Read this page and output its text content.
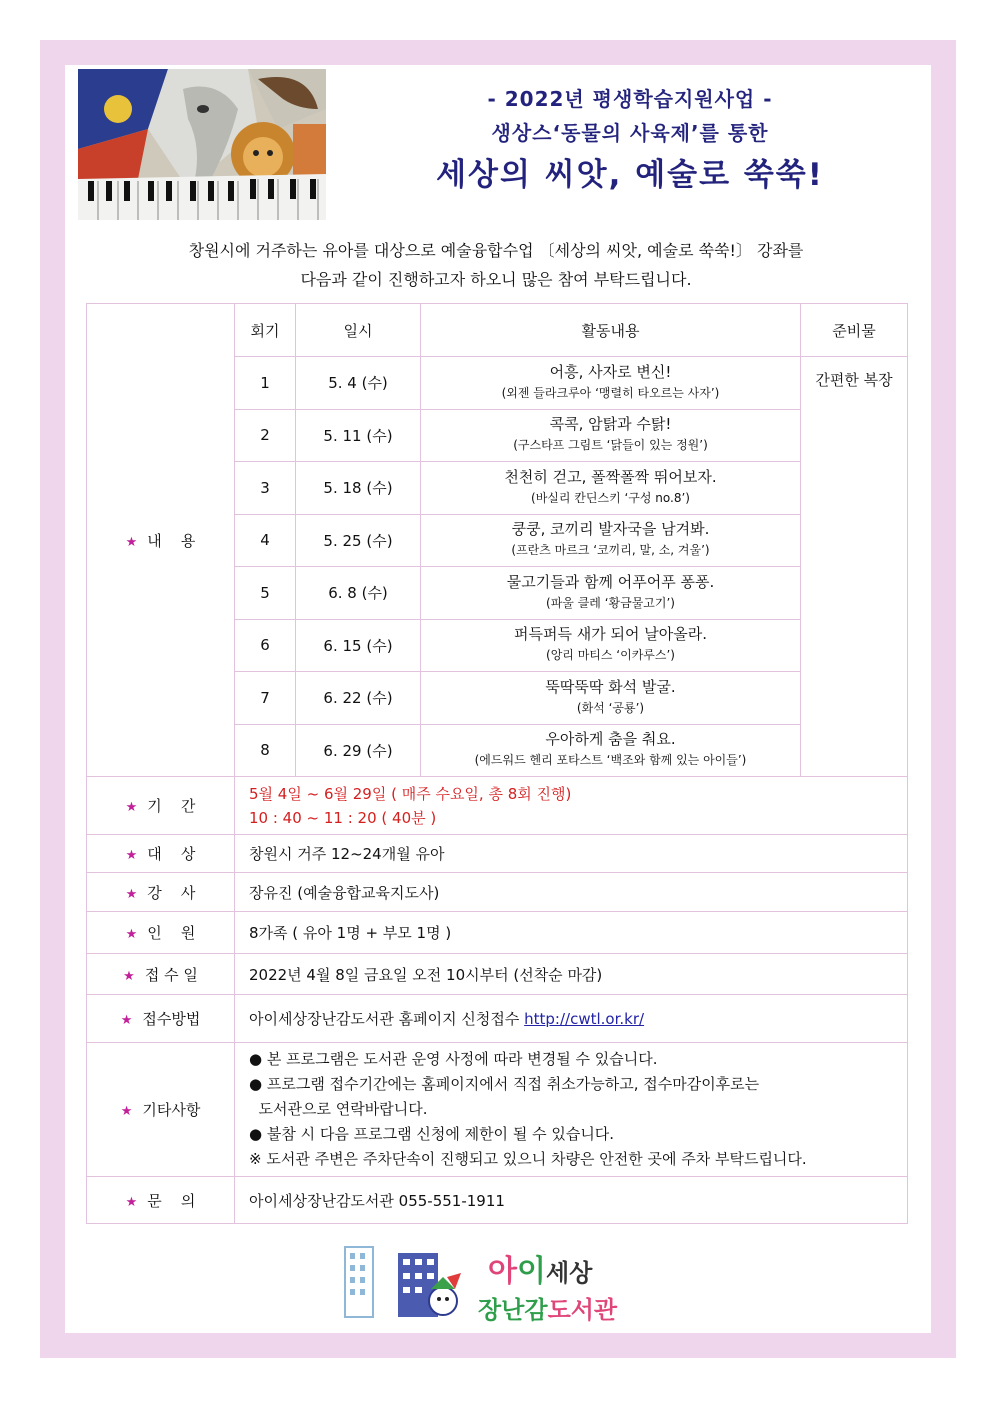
- 2022년 평생학습지원사업 -
생상스‘동물의 사육제’를 통한
세상의 씨앗, 예술로 쑥쑥!
창원시에 거주하는 유아를 대상으로 예술융합수업 〔세상의 씨앗, 예술로 쑥쑥!〕 강좌를
다음과 같이 진행하고자 하오니 많은 참여 부탁드립니다.
★ 내    용	회기	일시	활동내용	준비물
	1	5. 4 (수)	어흥, 사자로 변신!
(외젠 들라크루아 ‘맹렬히 타오르는 사자’)	간편한 복장
	2	5. 11 (수)	콕콕, 암탉과 수탉!
(구스타프 그림트 ‘닭들이 있는 정원’)	

	3	5. 18 (수)	천천히 걷고, 폴짝폴짝 뛰어보자.
(바실리 칸딘스키 ‘구성 no.8’)	

	4	5. 25 (수)	쿵쿵, 코끼리 발자국을 남겨봐.
(프란츠 마르크 ‘코끼리, 말, 소, 겨울’)	

	5	6. 8 (수)	물고기들과 함께 어푸어푸 퐁퐁.
(파울 클레 ‘황금물고기’)	

	6	6. 15 (수)	퍼득퍼득 새가 되어 날아올라.
(앙리 마티스 ‘이카루스’)	

	7	6. 22 (수)	뚝딱뚝딱 화석 발굴.
(화석 ‘공룡’)	

	8	6. 29 (수)	우아하게 춤을 춰요.
(에드워드 헨리 포타스트 ‘백조와 함께 있는 아이들’)	

★ 기    간	5월 4일 ~ 6월 29일 ( 매주 수요일, 총 8회 진행)
10 : 40 ~ 11 : 20 ( 40분 )			

★ 대    상	창원시 거주 12~24개월 유아			
★ 강    사	장유진 (예술융합교육지도사)			
★ 인    원	8가족 ( 유아 1명 + 부모 1명 )			
★ 접 수 일	2022년 4월 8일 금요일 오전 10시부터 (선착순 마감)			
★ 접수방법	아이세상장난감도서관 홈페이지 신청접수 http://cwtl.or.kr/			
★ 기타사항	● 본 프로그램은 도서관 운영 사정에 따라 변경될 수 있습니다.
● 프로그램 접수기간에는 홈페이지에서 직접 취소가능하고, 접수마감이후로는
도서관으로 연락바랍니다.
● 불참 시 다음 프로그램 신청에 제한이 될 수 있습니다.
※ 도서관 주변은 주차단속이 진행되고 있으니 차량은 안전한 곳에 주차 부탁드립니다.			

★ 문    의	아이세상장난감도서관 055-551-1911			
아이세상
장난감도서관
